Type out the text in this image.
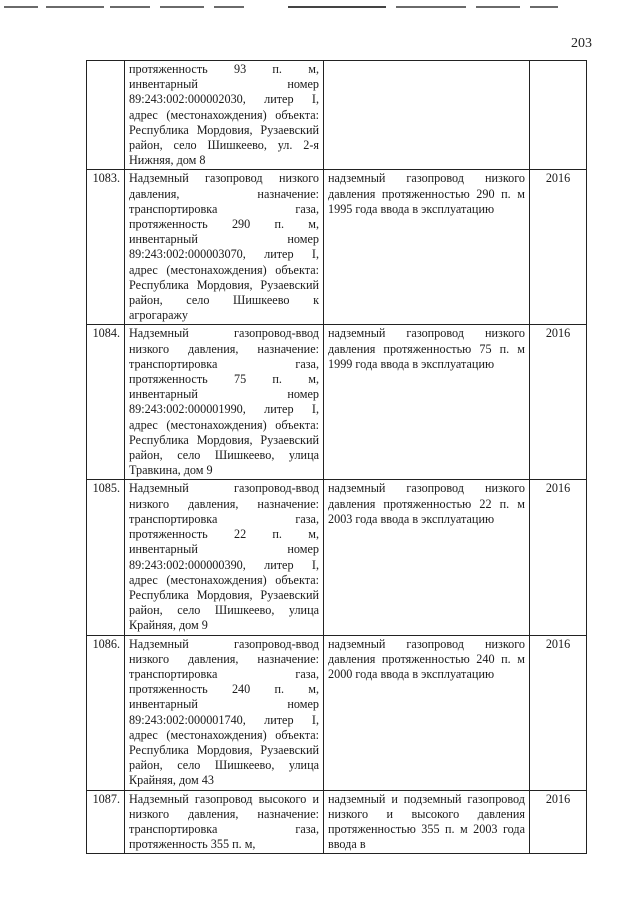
203
	протяженность 93 п. м, инвентарный номер 89:243:002:000002030, литер I, адрес (местонахождения) объекта: Республика Мордовия, Рузаевский район, село Шишкеево, ул. 2-я Нижняя, дом 8		
1083.	Надземный газопровод низкого давления, назначение: транспортировка газа, протяженность 290 п. м, инвентарный номер 89:243:002:000003070, литер I, адрес (местонахождения) объекта: Республика Мордовия, Рузаевский район, село Шишкеево к агрогаражу	надземный газопровод низкого давления протяженностью 290 п. м 1995 года ввода в эксплуатацию	2016
1084.	Надземный газопровод-ввод низкого давления, назначение: транспортировка газа, протяженность 75 п. м, инвентарный номер 89:243:002:000001990, литер I, адрес (местонахождения) объекта: Республика Мордовия, Рузаевский район, село Шишкеево, улица Травкина, дом 9	надземный газопровод низкого давления протяженностью 75 п. м 1999 года ввода в эксплуатацию	2016
1085.	Надземный газопровод-ввод низкого давления, назначение: транспортировка газа, протяженность 22 п. м, инвентарный номер 89:243:002:000000390, литер I, адрес (местонахождения) объекта: Республика Мордовия, Рузаевский район, село Шишкеево, улица Крайняя, дом 9	надземный газопровод низкого давления протяженностью 22 п. м 2003 года ввода в эксплуатацию	2016
1086.	Надземный газопровод-ввод низкого давления, назначение: транспортировка газа, протяженность 240 п. м, инвентарный номер 89:243:002:000001740, литер I, адрес (местонахождения) объекта: Республика Мордовия, Рузаевский район, село Шишкеево, улица Крайняя, дом 43	надземный газопровод низкого давления протяженностью 240 п. м 2000 года ввода в эксплуатацию	2016
1087.	Надземный газопровод высокого и низкого давления, назначение: транспортировка газа, протяженность 355 п. м,	надземный и подземный газопровод низкого и высокого давления протяженностью 355 п. м 2003 года ввода в	2016
